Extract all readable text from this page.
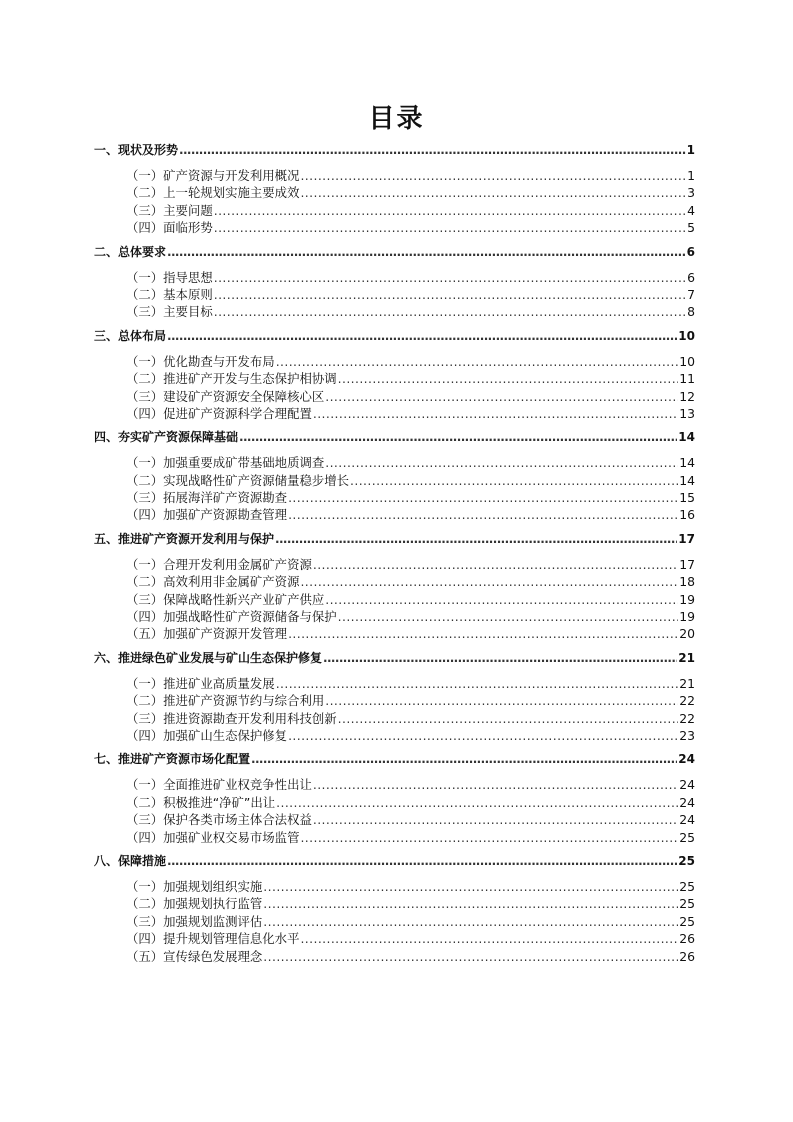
目录
一、现状及形势 .....	1
（一）矿产资源与开发利用概况 .....	1
（二）上一轮规划实施主要成效 .....	3
（三）主要问题 .....	4
（四）面临形势 .....	5
二、总体要求 .....	6
（一）指导思想 .....	6
（二）基本原则 .....	7
（三）主要目标 .....	8
三、总体布局 .....	10
（一）优化勘查与开发布局 .....	10
（二）推进矿产开发与生态保护相协调 .....	11
（三）建设矿产资源安全保障核心区 .....	12
（四）促进矿产资源科学合理配置 .....	13
四、夯实矿产资源保障基础 .....	14
（一）加强重要成矿带基础地质调查 .....	14
（二）实现战略性矿产资源储量稳步增长 .....	14
（三）拓展海洋矿产资源勘查 .....	15
（四）加强矿产资源勘查管理 .....	16
五、推进矿产资源开发利用与保护 .....	17
（一）合理开发利用金属矿产资源 .....	17
（二）高效利用非金属矿产资源 .....	18
（三）保障战略性新兴产业矿产供应 .....	19
（四）加强战略性矿产资源储备与保护 .....	19
（五）加强矿产资源开发管理 .....	20
六、推进绿色矿业发展与矿山生态保护修复 .....	21
（一）推进矿业高质量发展 .....	21
（二）推进矿产资源节约与综合利用 .....	22
（三）推进资源勘查开发利用科技创新 .....	22
（四）加强矿山生态保护修复 .....	23
七、推进矿产资源市场化配置 .....	24
（一）全面推进矿业权竞争性出让 .....	24
（二）积极推进“净矿”出让 .....	24
（三）保护各类市场主体合法权益 .....	24
（四）加强矿业权交易市场监管 .....	25
八、保障措施 .....	25
（一）加强规划组织实施 .....	25
（二）加强规划执行监管 .....	25
（三）加强规划监测评估 .....	25
（四）提升规划管理信息化水平 .....	26
（五）宣传绿色发展理念 .....	26
